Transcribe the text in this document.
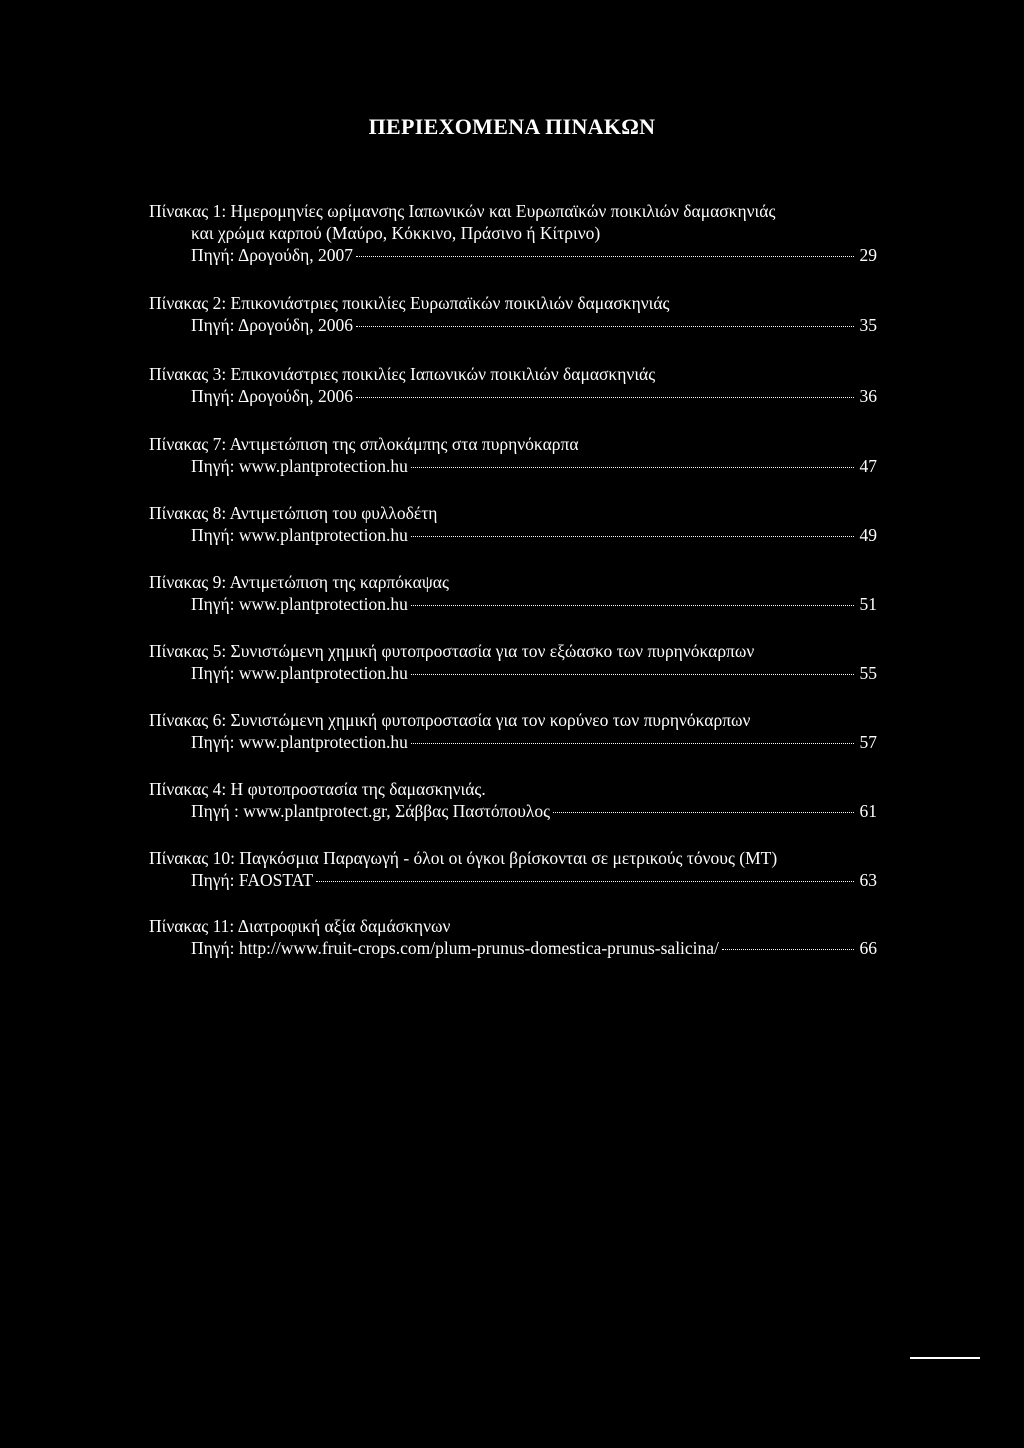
ΠΕΡΙΕΧΟΜΕΝΑ ΠΙΝΑΚΩΝ
Πίνακας 1: Ημερομηνίες ωρίμανσης Ιαπωνικών και Ευρωπαϊκών ποικιλιών δαμασκηνιάς
και χρώμα καρπού (Μαύρο, Κόκκινο, Πράσινο ή Κίτρινο)
Πηγή: Δρογούδη, 2007	29
Πίνακας 2: Επικονιάστριες ποικιλίες Ευρωπαϊκών ποικιλιών δαμασκηνιάς
Πηγή: Δρογούδη, 2006	35
Πίνακας 3: Επικονιάστριες ποικιλίες Ιαπωνικών ποικιλιών δαμασκηνιάς
Πηγή: Δρογούδη, 2006	36
Πίνακας 7: Αντιμετώπιση της σπλοκάμπης στα πυρηνόκαρπα
Πηγή: www.plantprotection.hu	47
Πίνακας 8: Αντιμετώπιση του φυλλοδέτη
Πηγή: www.plantprotection.hu	49
Πίνακας 9: Αντιμετώπιση της καρπόκαψας
Πηγή: www.plantprotection.hu	51
Πίνακας 5: Συνιστώμενη χημική φυτοπροστασία για τον εξώασκο των πυρηνόκαρπων
Πηγή: www.plantprotection.hu	55
Πίνακας 6: Συνιστώμενη χημική φυτοπροστασία για τον κορύνεο των πυρηνόκαρπων
Πηγή: www.plantprotection.hu	57
Πίνακας 4: Η φυτοπροστασία της δαμασκηνιάς.
Πηγή : www.plantprotect.gr, Σάββας Παστόπουλος	61
Πίνακας 10: Παγκόσμια Παραγωγή - όλοι οι όγκοι βρίσκονται σε μετρικούς τόνους (ΜΤ)
Πηγή: FAOSTAT	63
Πίνακας 11: Διατροφική αξία δαμάσκηνων
Πηγή: http://www.fruit-crops.com/plum-prunus-domestica-prunus-salicina/	66
